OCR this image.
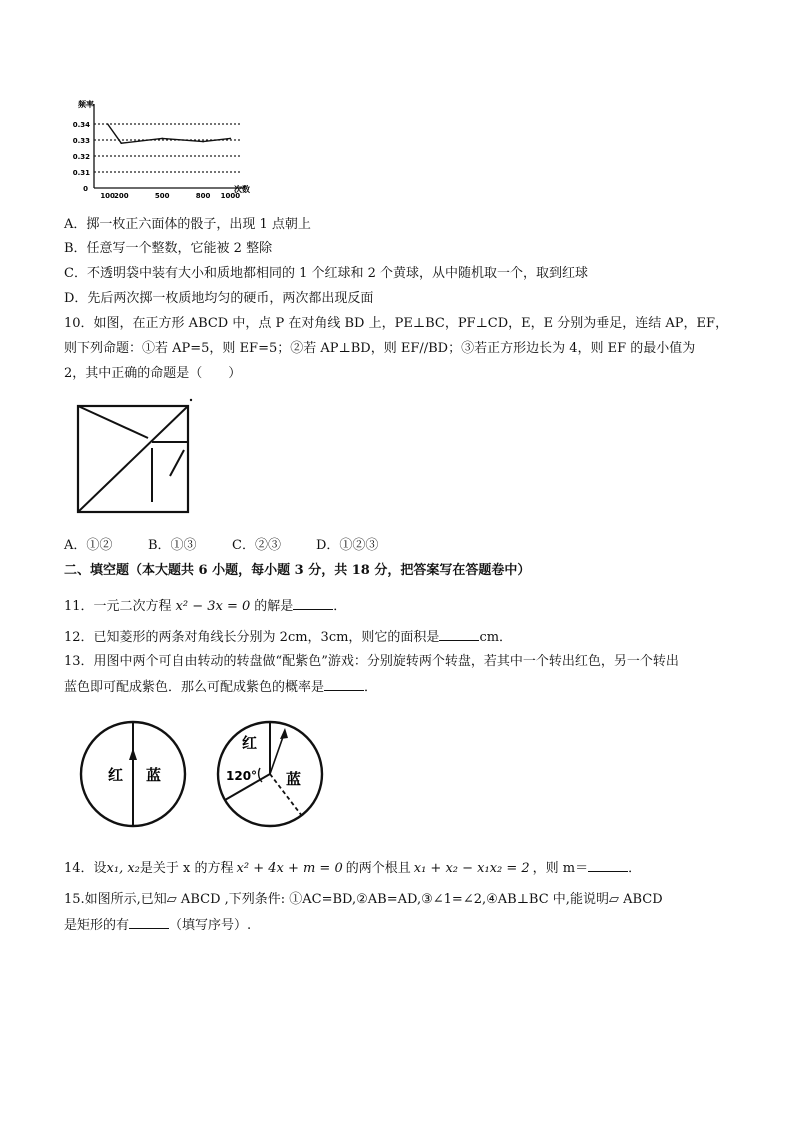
0.34
0.33
0.32
0.31
0
100 200	500	800 1000
频率
次数
A．掷一枚正六面体的骰子，出现 1 点朝上
B．任意写一个整数，它能被 2 整除
C．不透明袋中装有大小和质地都相同的 1 个红球和 2 个黄球，从中随机取一个，取到红球
D．先后两次掷一枚质地均匀的硬币，两次都出现反面
10．如图，在正方形 ABCD 中，点 P 在对角线 BD 上，PE⊥BC，PF⊥CD，E，E 分别为垂足，连结 AP，EF，
则下列命题：①若 AP=5，则 EF=5；②若 AP⊥BD，则 EF//BD；③若正方形边长为 4，则 EF 的最小值为
2，其中正确的命题是（　　）
A．①②	B．①③	C．②③	D．①②③
二、填空题（本大题共 6 小题，每小题 3 分，共 18 分，把答案写在答题卷中）
11．一元二次方程 x² − 3x = 0 的解是	．
12．已知菱形的两条对角线长分别为 2cm，3cm，则它的面积是	cm．
13．用图中两个可自由转动的转盘做“配紫色”游戏：分别旋转两个转盘，若其中一个转出红色，另一个转出
蓝色即可配成紫色．那么可配成紫色的概率是	．
红 蓝
红
蓝
120°
14．设x₁, x₂是关于 x 的方程 x² + 4x + m = 0 的两个根且 x₁ + x₂ − x₁x₂ = 2 ，则 m＝	．
15.如图所示,已知▱ ABCD ,下列条件: ①AC=BD,②AB=AD,③∠1=∠2,④AB⊥BC 中,能说明▱ ABCD
是矩形的有	（填写序号）.
